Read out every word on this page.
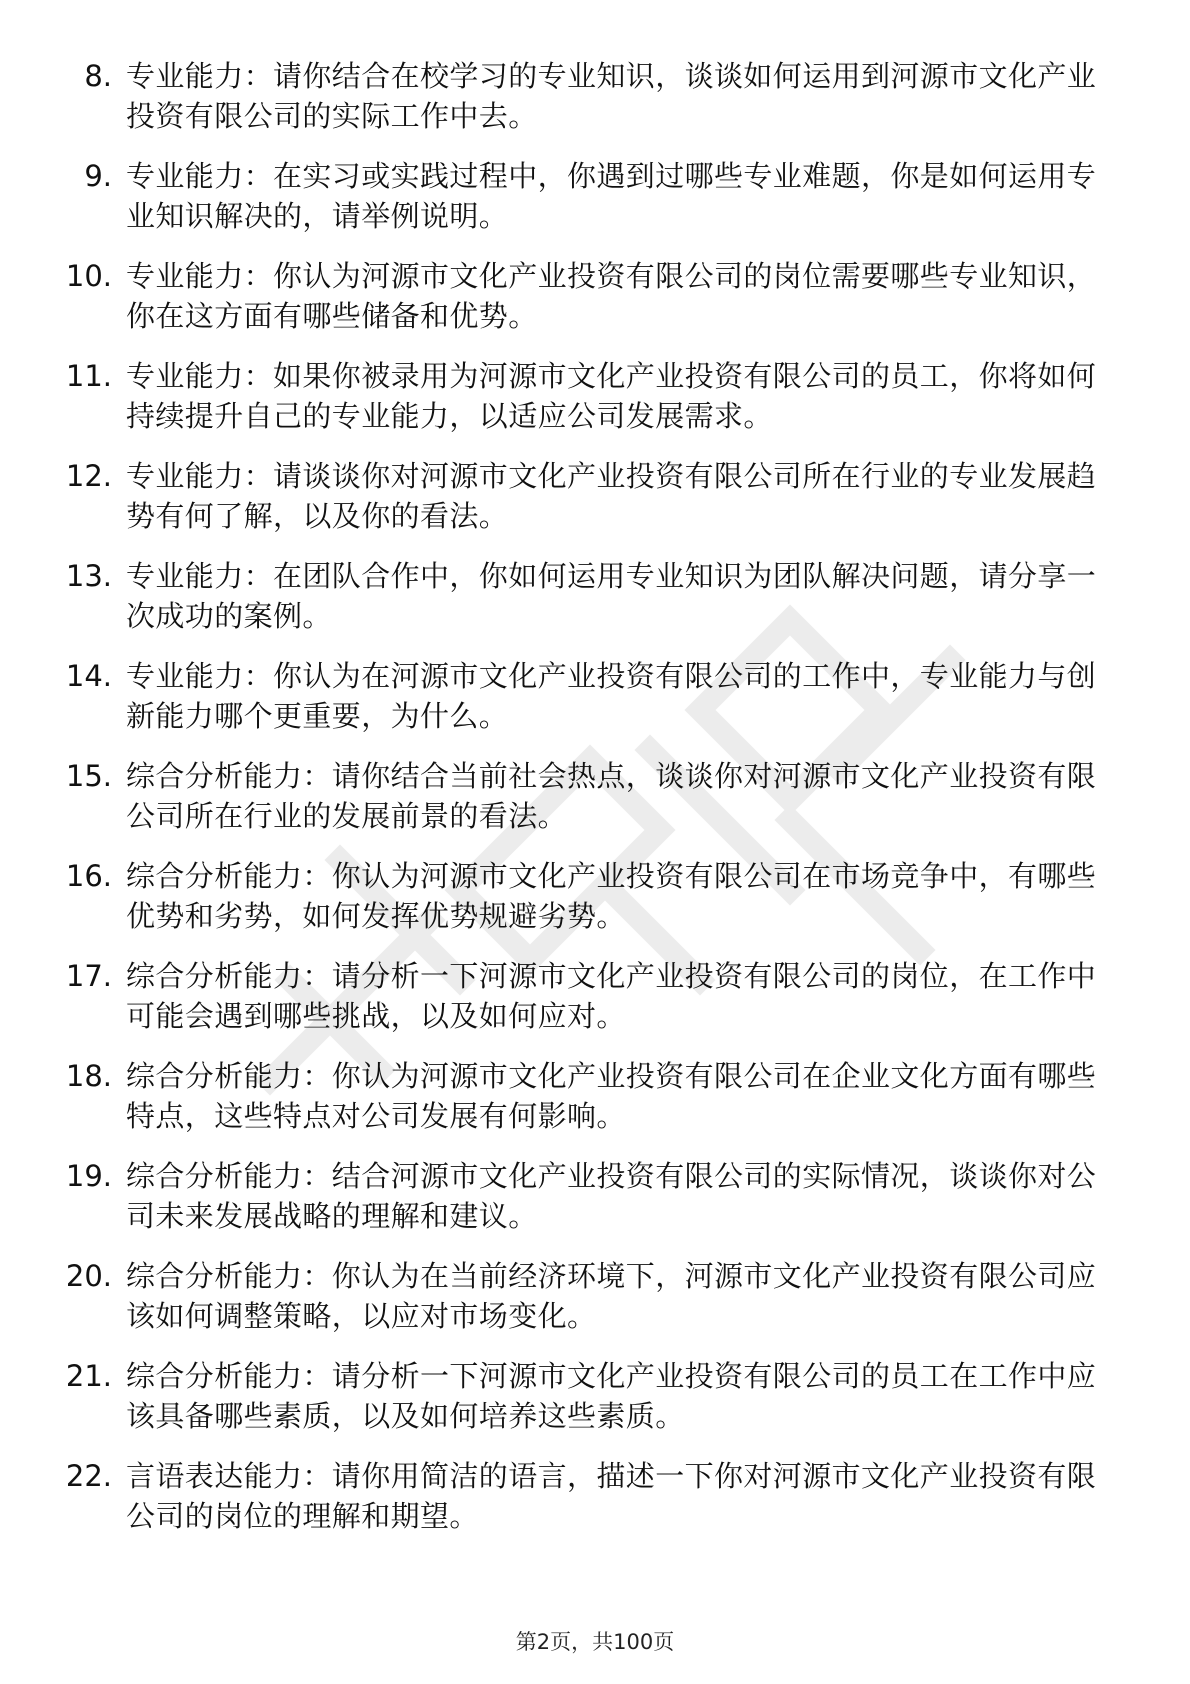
8. 专业能力：请你结合在校学习的专业知识，谈谈如何运用到河源市文化产业投资有限公司的实际工作中去。
9. 专业能力：在实习或实践过程中，你遇到过哪些专业难题，你是如何运用专业知识解决的，请举例说明。
10. 专业能力：你认为河源市文化产业投资有限公司的岗位需要哪些专业知识，你在这方面有哪些储备和优势。
11. 专业能力：如果你被录用为河源市文化产业投资有限公司的员工，你将如何持续提升自己的专业能力，以适应公司发展需求。
12. 专业能力：请谈谈你对河源市文化产业投资有限公司所在行业的专业发展趋势有何了解，以及你的看法。
13. 专业能力：在团队合作中，你如何运用专业知识为团队解决问题，请分享一次成功的案例。
14. 专业能力：你认为在河源市文化产业投资有限公司的工作中，专业能力与创新能力哪个更重要，为什么。
15. 综合分析能力：请你结合当前社会热点，谈谈你对河源市文化产业投资有限公司所在行业的发展前景的看法。
16. 综合分析能力：你认为河源市文化产业投资有限公司在市场竞争中，有哪些优势和劣势，如何发挥优势规避劣势。
17. 综合分析能力：请分析一下河源市文化产业投资有限公司的岗位，在工作中可能会遇到哪些挑战，以及如何应对。
18. 综合分析能力：你认为河源市文化产业投资有限公司在企业文化方面有哪些特点，这些特点对公司发展有何影响。
19. 综合分析能力：结合河源市文化产业投资有限公司的实际情况，谈谈你对公司未来发展战略的理解和建议。
20. 综合分析能力：你认为在当前经济环境下，河源市文化产业投资有限公司应该如何调整策略，以应对市场变化。
21. 综合分析能力：请分析一下河源市文化产业投资有限公司的员工在工作中应该具备哪些素质，以及如何培养这些素质。
22. 言语表达能力：请你用简洁的语言，描述一下你对河源市文化产业投资有限公司的岗位的理解和期望。
第2页，共100页
